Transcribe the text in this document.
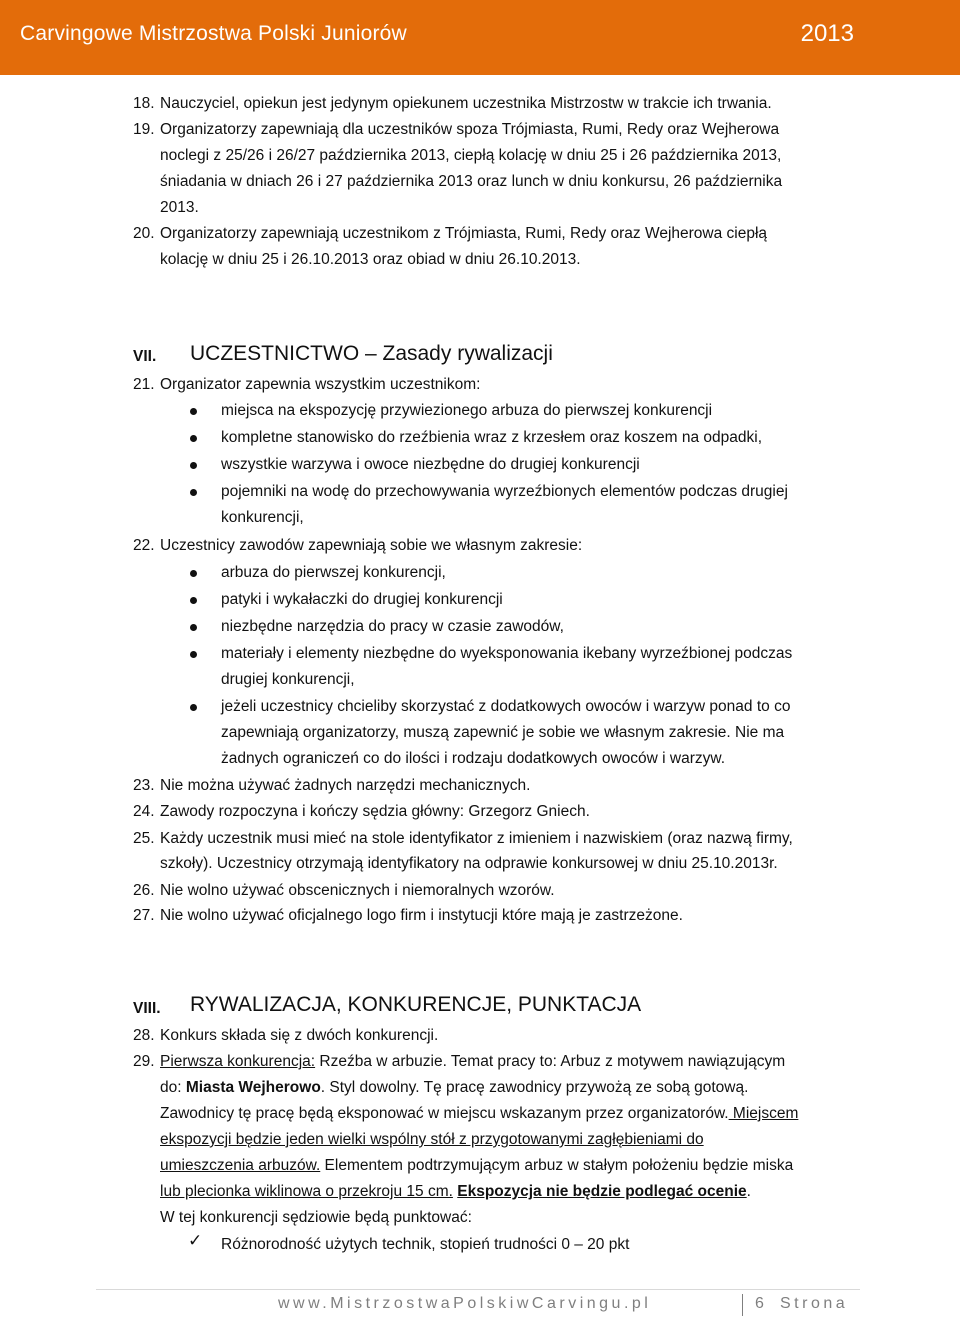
Carvingowe Mistrzostwa Polski Juniorów	2013
18. Nauczyciel, opiekun jest jedynym opiekunem uczestnika Mistrzostw w trakcie ich trwania.
19. Organizatorzy zapewniają dla uczestników spoza Trójmiasta, Rumi, Redy oraz Wejherowa
noclegi z 25/26 i 26/27 października 2013, ciepłą kolację w dniu 25 i 26 października 2013,
śniadania w dniach 26 i 27 października 2013 oraz lunch w dniu konkursu, 26 października
2013.
20. Organizatorzy zapewniają uczestnikom z Trójmiasta, Rumi, Redy oraz Wejherowa ciepłą
kolację w dniu 25 i 26.10.2013 oraz obiad w dniu 26.10.2013.
VII. UCZESTNICTWO – Zasady rywalizacji
21. Organizator zapewnia wszystkim uczestnikom:
miejsca na ekspozycję przywiezionego arbuza do pierwszej konkurencji
kompletne stanowisko do rzeźbienia wraz z krzesłem oraz koszem na odpadki,
wszystkie warzywa i owoce niezbędne do drugiej konkurencji
pojemniki na wodę do przechowywania wyrzeźbionych elementów podczas drugiej
konkurencji,
22. Uczestnicy zawodów zapewniają sobie we własnym zakresie:
arbuza do pierwszej konkurencji,
patyki i wykałaczki do drugiej konkurencji
niezbędne narzędzia do pracy w czasie zawodów,
materiały i elementy niezbędne do wyeksponowania ikebany wyrzeźbionej podczas
drugiej konkurencji,
jeżeli uczestnicy chcieliby skorzystać z dodatkowych owoców i warzyw ponad to co
zapewniają organizatorzy, muszą zapewnić je sobie we własnym zakresie. Nie ma
żadnych ograniczeń co do ilości i rodzaju dodatkowych owoców i warzyw.
23. Nie można używać żadnych narzędzi mechanicznych.
24. Zawody rozpoczyna i kończy sędzia główny: Grzegorz Gniech.
25. Każdy uczestnik musi mieć na stole identyfikator z imieniem i nazwiskiem (oraz nazwą firmy,
szkoły). Uczestnicy otrzymają identyfikatory na odprawie konkursowej w dniu 25.10.2013r.
26. Nie wolno używać obscenicznych i niemoralnych wzorów.
27. Nie wolno używać oficjalnego logo firm i instytucji które mają je zastrzeżone.
VIII. RYWALIZACJA, KONKURENCJE, PUNKTACJA
28. Konkurs składa się z dwóch konkurencji.
29. Pierwsza konkurencja: Rzeźba w arbuzie. Temat pracy to: Arbuz z motywem nawiązującym
do: Miasta Wejherowo. Styl dowolny. Tę pracę zawodnicy przywożą ze sobą gotową.
Zawodnicy tę pracę będą eksponować w miejscu wskazanym przez organizatorów. Miejscem
ekspozycji będzie jeden wielki wspólny stół z przygotowanymi zagłębieniami do
umieszczenia arbuzów. Elementem podtrzymującym arbuz w stałym położeniu będzie miska
lub plecionka wiklinowa o przekroju 15 cm. Ekspozycja nie będzie podlegać ocenie.
W tej konkurencji sędziowie będą punktować:
✓ Różnorodność użytych technik, stopień trudności 0 – 20 pkt
www.MistrzostwaPolskiwCarvingu.pl	6 Strona
